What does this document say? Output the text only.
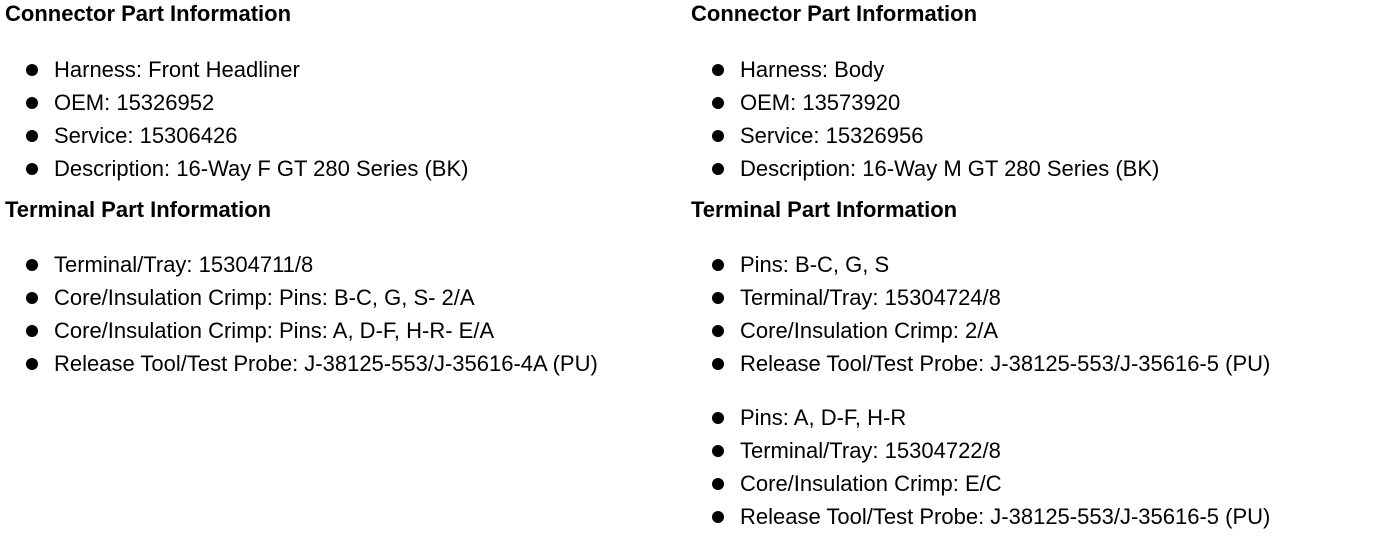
Connector Part Information
Harness: Front Headliner
OEM: 15326952
Service: 15306426
Description: 16-Way F GT 280 Series (BK)
Terminal Part Information
Terminal/Tray: 15304711/8
Core/Insulation Crimp: Pins: B-C, G, S- 2/A
Core/Insulation Crimp: Pins: A, D-F, H-R- E/A
Release Tool/Test Probe: J-38125-553/J-35616-4A (PU)
Connector Part Information
Harness: Body
OEM: 13573920
Service: 15326956
Description: 16-Way M GT 280 Series (BK)
Terminal Part Information
Pins: B-C, G, S
Terminal/Tray: 15304724/8
Core/Insulation Crimp: 2/A
Release Tool/Test Probe: J-38125-553/J-35616-5 (PU)
Pins: A, D-F, H-R
Terminal/Tray: 15304722/8
Core/Insulation Crimp: E/C
Release Tool/Test Probe: J-38125-553/J-35616-5 (PU)
